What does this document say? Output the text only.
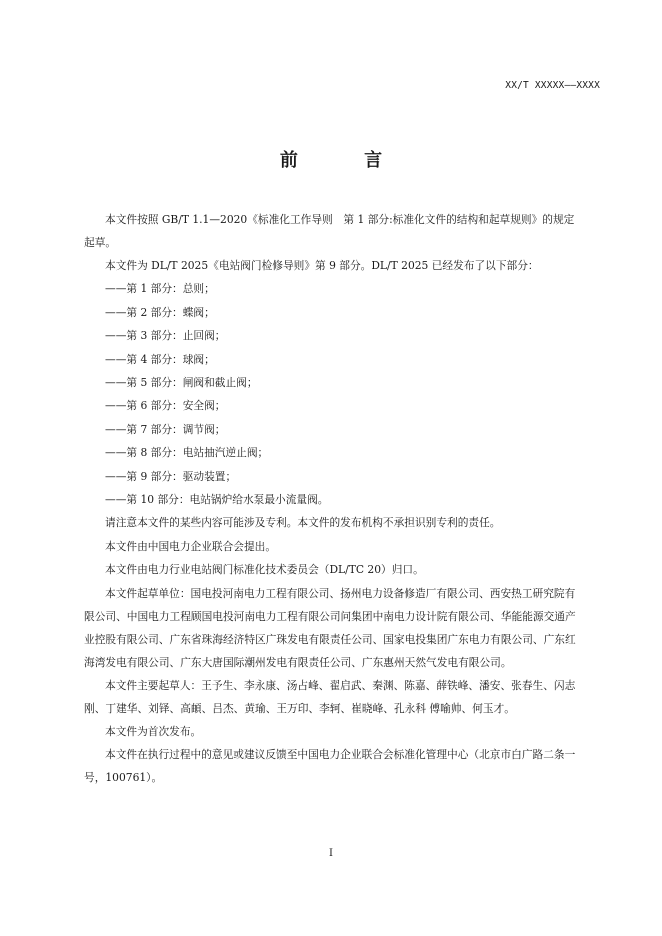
XX/T XXXXX——XXXX
前 言

本文件按照 GB/T 1.1—2020《标准化工作导则　第 1 部分:标准化文件的结构和起草规则》的规定起草。

本文件为 DL/T 2025《电站阀门检修导则》第 9 部分。DL/T 2025 已经发布了以下部分：

——第 1 部分：总则；

——第 2 部分：蝶阀；

——第 3 部分：止回阀；

——第 4 部分：球阀；

——第 5 部分：闸阀和截止阀；

——第 6 部分：安全阀；

——第 7 部分：调节阀；

——第 8 部分：电站抽汽逆止阀；

——第 9 部分：驱动装置；

——第 10 部分：电站锅炉给水泵最小流量阀。

请注意本文件的某些内容可能涉及专利。本文件的发布机构不承担识别专利的责任。

本文件由中国电力企业联合会提出。

本文件由电力行业电站阀门标准化技术委员会（DL/TC 20）归口。

本文件起草单位：国电投河南电力工程有限公司、扬州电力设备修造厂有限公司、西安热工研究院有限公司、中国电力工程顾国电投河南电力工程有限公司问集团中南电力设计院有限公司、华能能源交通产业控股有限公司、广东省珠海经济特区广珠发电有限责任公司、国家电投集团广东电力有限公司、广东红海湾发电有限公司、广东大唐国际潮州发电有限责任公司、广东惠州天然气发电有限公司。

本文件主要起草人：王予生、李永康、汤占峰、翟启武、秦渊、陈嘉、薛铁峰、潘安、张春生、闪志刚、丁建华、刘铎、高頔、吕杰、黄瑜、王万印、李轲、崔晓峰、孔永科 傅喻帅、何玉才。

本文件为首次发布。

本文件在执行过程中的意见或建议反馈至中国电力企业联合会标准化管理中心（北京市白广路二条一号，100761）。

I
